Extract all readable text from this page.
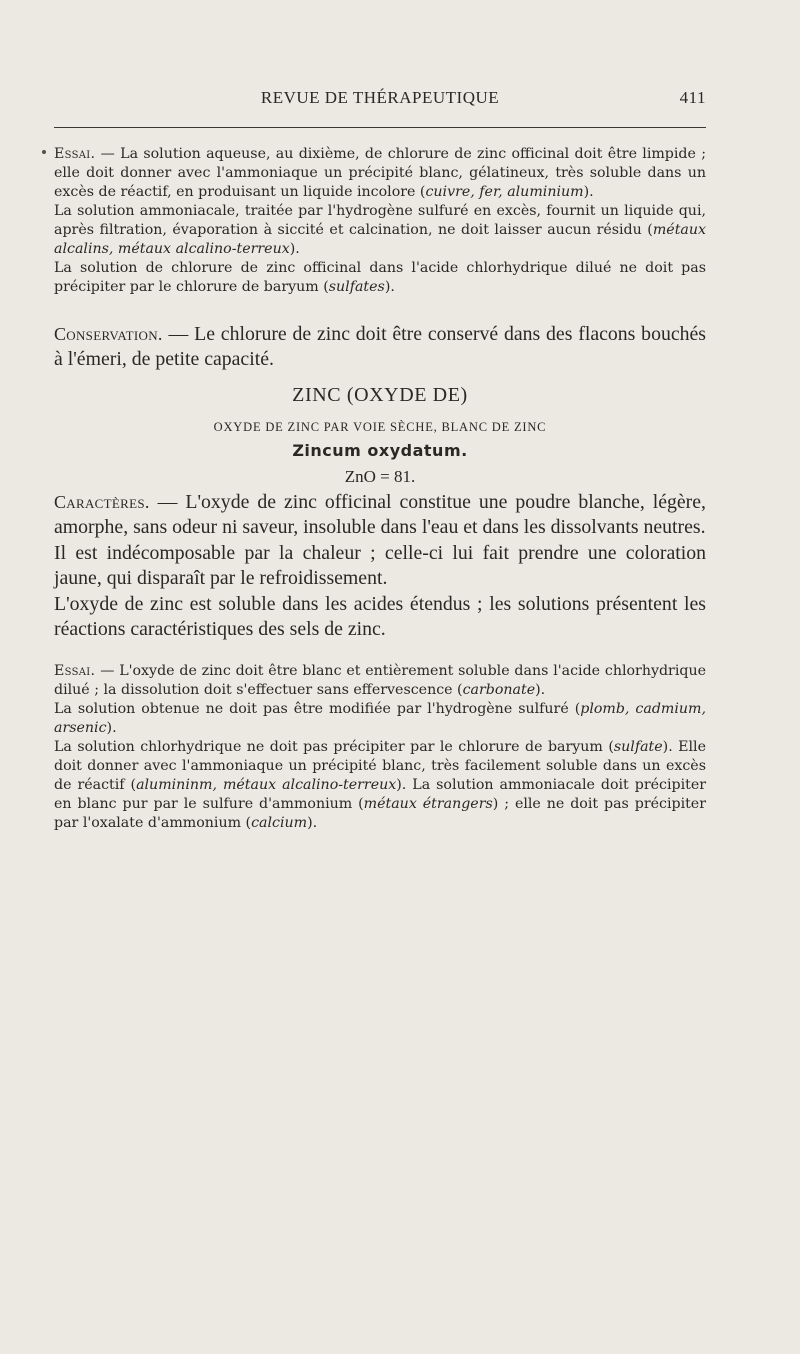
REVUE DE THÉRAPEUTIQUE	411

Essai. — La solution aqueuse, au dixième, de chlorure de zinc officinal doit être limpide ; elle doit donner avec l'ammoniaque un précipité blanc, gélatineux, très soluble dans un excès de réactif, en produisant un liquide incolore (cuivre, fer, aluminium).

La solution ammoniacale, traitée par l'hydrogène sulfuré en excès, fournit un liquide qui, après filtration, évaporation à siccité et calcination, ne doit laisser aucun résidu (métaux alcalins, métaux alcalino-terreux).

La solution de chlorure de zinc officinal dans l'acide chlorhydrique dilué ne doit pas précipiter par le chlorure de baryum (sulfates).

Conservation. — Le chlorure de zinc doit être conservé dans des flacons bouchés à l'émeri, de petite capacité.

ZINC (OXYDE DE)
OXYDE DE ZINC PAR VOIE SÈCHE, BLANC DE ZINC
Zincum oxydatum.
ZnO = 81.

Caractères. — L'oxyde de zinc officinal constitue une poudre blanche, légère, amorphe, sans odeur ni saveur, insoluble dans l'eau et dans les dissolvants neutres.

Il est indécomposable par la chaleur ; celle-ci lui fait prendre une coloration jaune, qui disparaît par le refroidissement.

L'oxyde de zinc est soluble dans les acides étendus ; les solutions présentent les réactions caractéristiques des sels de zinc.

Essai. — L'oxyde de zinc doit être blanc et entièrement soluble dans l'acide chlorhydrique dilué ; la dissolution doit s'effectuer sans effervescence (carbonate).

La solution obtenue ne doit pas être modifiée par l'hydrogène sulfuré (plomb, cadmium, arsenic).

La solution chlorhydrique ne doit pas précipiter par le chlorure de baryum (sulfate). Elle doit donner avec l'ammoniaque un précipité blanc, très facilement soluble dans un excès de réactif (alumininm, métaux alcalino-terreux). La solution ammoniacale doit précipiter en blanc pur par le sulfure d'ammonium (métaux étrangers) ; elle ne doit pas précipiter par l'oxalate d'ammonium (calcium).
